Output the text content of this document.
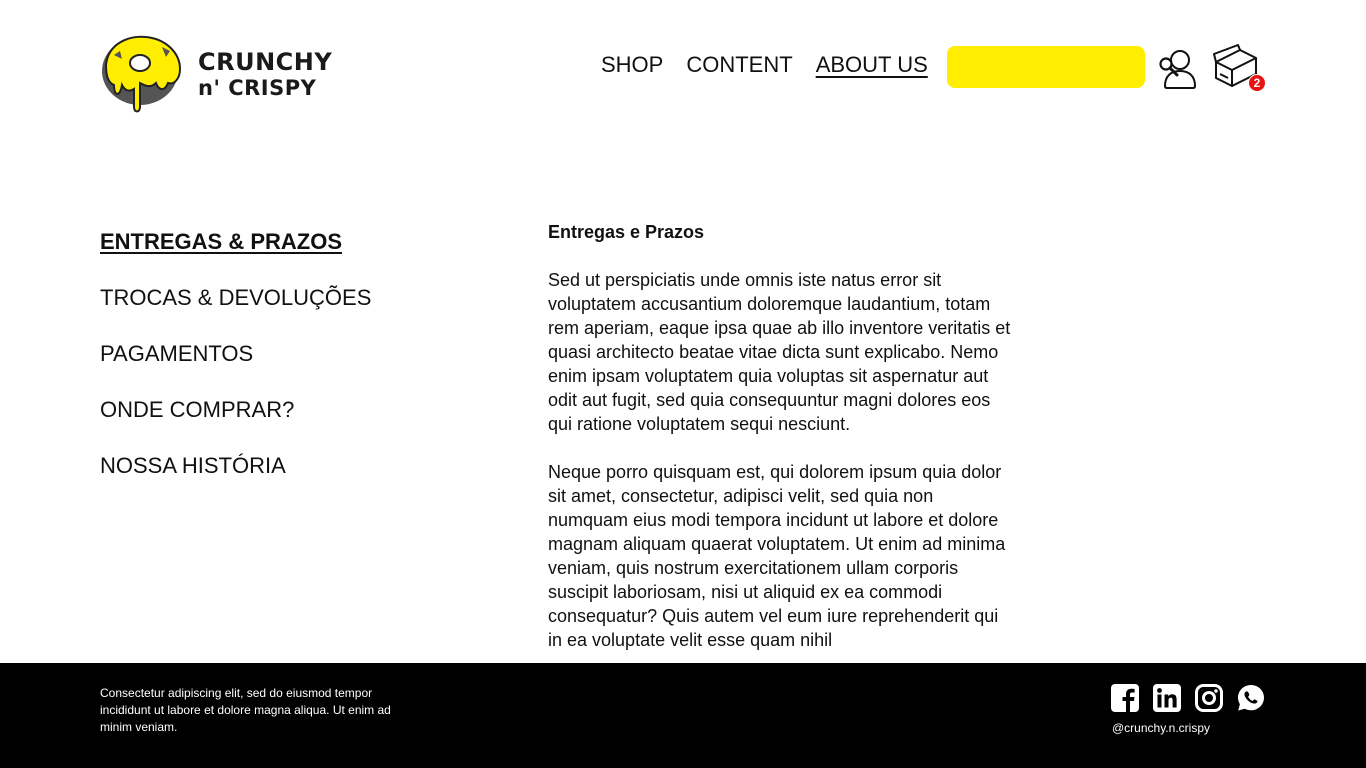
CRUNCHY
n' CRISPY
SHOP CONTENT ABOUT US
2
ENTREGAS & PRAZOS
TROCAS & DEVOLUÇÕES
PAGAMENTOS
ONDE COMPRAR?
NOSSA HISTÓRIA
Entregas e Prazos

Sed ut perspiciatis unde omnis iste natus error sit voluptatem accusantium doloremque laudantium, totam rem aperiam, eaque ipsa quae ab illo inventore veritatis et quasi architecto beatae vitae dicta sunt explicabo. Nemo enim ipsam voluptatem quia voluptas sit aspernatur aut odit aut fugit, sed quia consequuntur magni dolores eos qui ratione voluptatem sequi nesciunt.

Neque porro quisquam est, qui dolorem ipsum quia dolor sit amet, consectetur, adipisci velit, sed quia non numquam eius modi tempora incidunt ut labore et dolore magnam aliquam quaerat voluptatem. Ut enim ad minima veniam, quis nostrum exercitationem ullam corporis suscipit laboriosam, nisi ut aliquid ex ea commodi consequatur? Quis autem vel eum iure reprehenderit qui in ea voluptate velit esse quam nihil

Consectetur adipiscing elit, sed do eiusmod tempor incididunt ut labore et dolore magna aliqua. Ut enim ad minim veniam.	@crunchy.n.crispy
